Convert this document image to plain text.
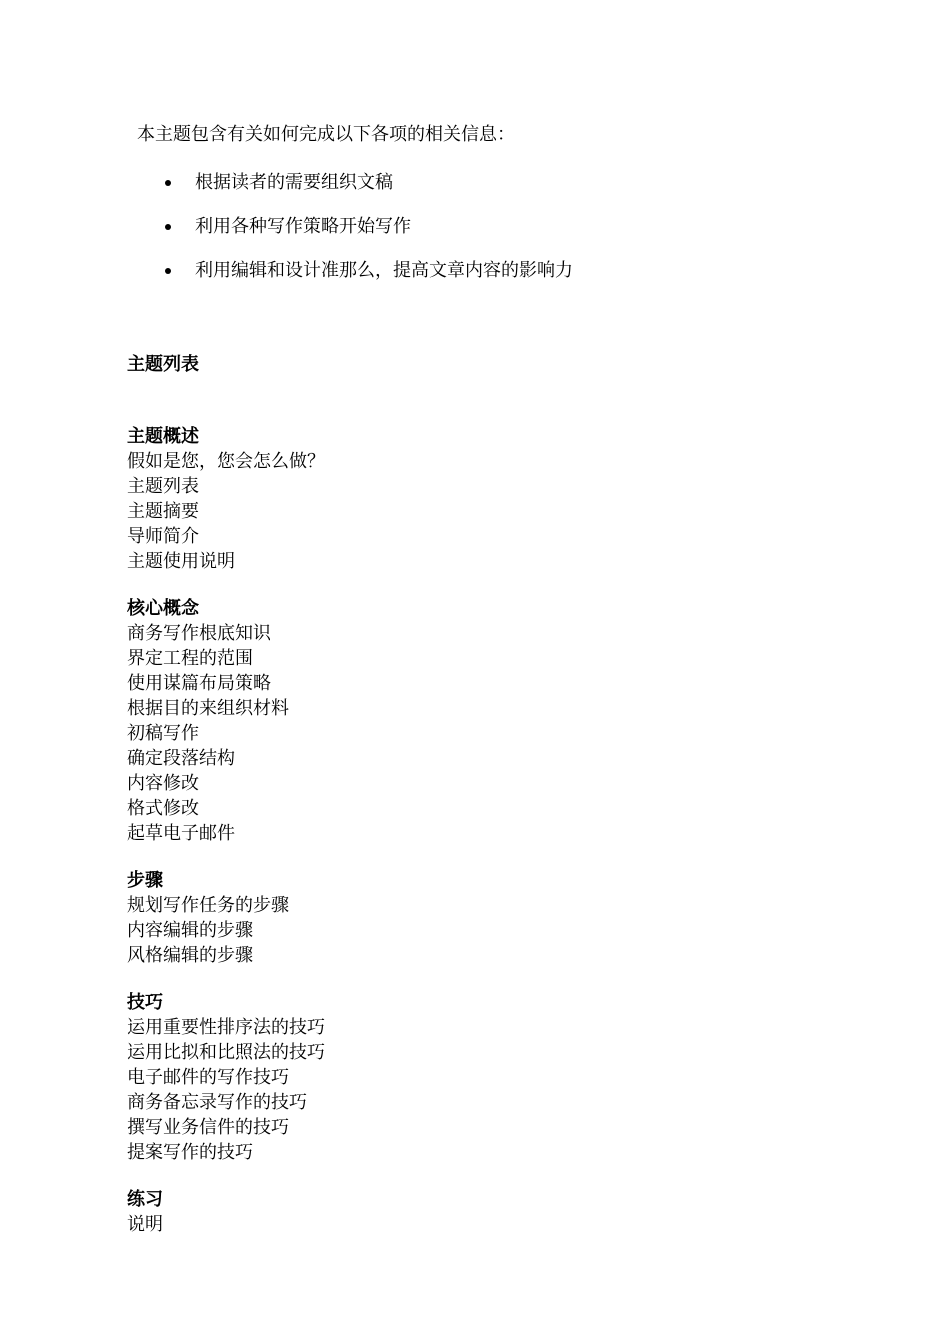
本主题包含有关如何完成以下各项的相关信息：

根据读者的需要组织文稿
利用各种写作策略开始写作
利用编辑和设计准那么，提高文章内容的影响力
主题列表
主题概述
假如是您，您会怎么做？
主题列表
主题摘要
导师简介
主题使用说明
核心概念
商务写作根底知识
界定工程的范围
使用谋篇布局策略
根据目的来组织材料
初稿写作
确定段落结构
内容修改
格式修改
起草电子邮件
步骤
规划写作任务的步骤
内容编辑的步骤
风格编辑的步骤
技巧
运用重要性排序法的技巧
运用比拟和比照法的技巧
电子邮件的写作技巧
商务备忘录写作的技巧
撰写业务信件的技巧
提案写作的技巧
练习
说明
